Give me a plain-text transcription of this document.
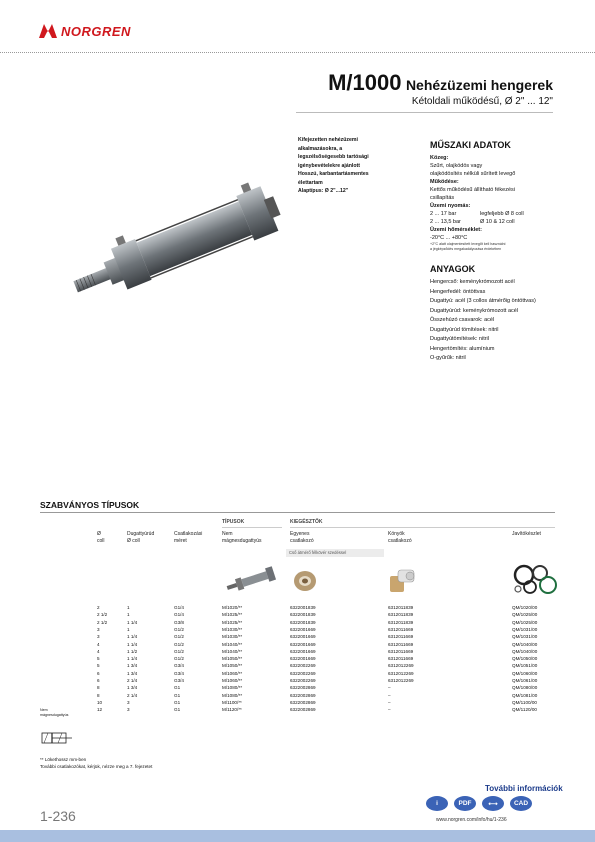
NORGREN
M/1000 Nehézüzemi hengerek
Kétoldali működésű, Ø 2" ... 12"
Kifejezetten nehézüzemi
alkalmazásokra, a
legszélsőségesebb tartósági
igénybevételekre ajánlott
Hosszú, karbantartásmentes
élettartam
Alaptípus: Ø 2"...12"
MŰSZAKI ADATOK
Közeg:
Szűrt, olajködös vagy
olajködösítés nélküli sűrített levegő
Működése:
Kettős működésű állítható fékezési
csillapítás
Üzemi nyomás:
2 ... 17 bar	legfeljebb Ø 8 coll
2 ... 13,5 bar	Ø 10 & 12 coll
Üzemi hőmérséklet:
-20°C ... +80°C
+2°C alatt olajmentesített levegőt kell használni
a jégképződés megakadályozása érdekében
ANYAGOK
Hengercső: keménykrómozott acél
Hengerfedél: öntöttvas
Dugattyú: acél (3 collos átmérőig öntöttvas)
Dugattyúrúd: keménykrómozott acél
Összehúzó csavarok: acél
Dugattyúrúd tömítések: nitril
Dugattyútömítések: nitril
Hengertömítés: alumínium
O-gyűrűk: nitril
SZABVÁNYOS TÍPUSOK
TÍPUSOK	KIEGÉSZTŐK
Ø
coll
Dugattyúrúd
Ø coll
Csatlakozási
méret
Nem
mágnesdugattyús
Egyenes
csatlakozó
Könyök
csatlakozó
Javítókészlet
Cső átmérő félkövér szedéssel
2	1	G1/4	M/1020/**	6322001839	6312011839	QM/1020/00
2 1/2	1	G1/4	M/1025/**	6322001839	6312011839	QM/1025/00
2 1/2	1 1/4	G3/8	M/1025/**	6322001839	6312011839	QM/1025/00
3	1	G1/2	M/1030/**	6322001669	6312011669	QM/1031/00
3	1 1/4	G1/2	M/1030/**	6322001669	6312011669	QM/1031/00
4	1 1/4	G1/2	M/1040/**	6322001669	6312011669	QM/1040/00
4	1 1/2	G1/2	M/1040/**	6322001669	6312011669	QM/1040/00
5	1 1/4	G1/2	M/1050/**	6322001669	6312011669	QM/1050/00
5	1 3/4	G3/4	M/1050/**	6322002269	6312012269	QM/1051/00
6	1 3/4	G3/4	M/1060/**	6322002269	6312012269	QM/1060/00
6	2 1/4	G3/4	M/1060/**	6322002269	6312012269	QM/1061/00
8	1 3/4	G1	M/1080/**	6322002869	–	QM/1080/00
8	2 1/4	G1	M/1080/**	6322002869	–	QM/1081/00
10	3	G1	M/1100/**	6322002869	–	QM/1100/00
12	3	G1	M/1120/**	6322002869	–	QM/1120/00
Nem
mágnesdugattyús
** Lökethossz mm-ben
További csatlakozókat, kérjük, nézze meg a 7. fejezetet
1-236
További információk
i	PDF	⟷	CAD
www.norgren.com/info/hu/1-236
